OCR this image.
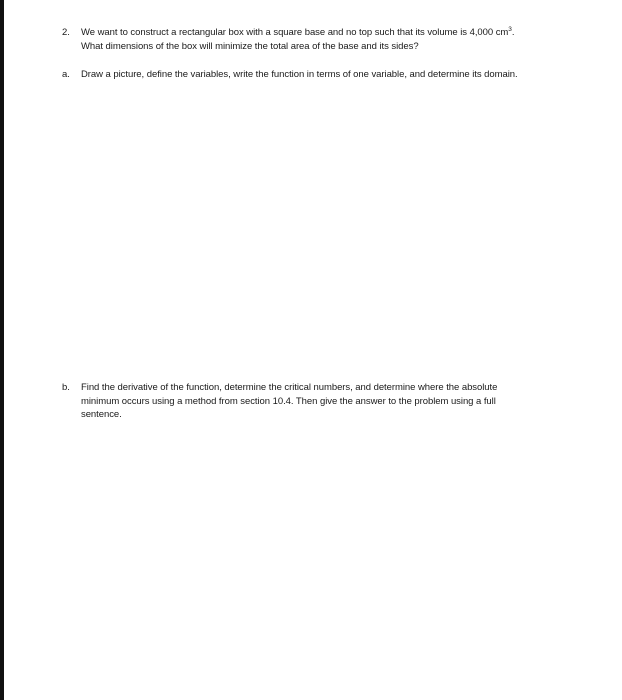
2. We want to construct a rectangular box with a square base and no top such that its volume is 4,000 $cm^3$.
What dimensions of the box will minimize the total area of the base and its sides?
a. Draw a picture, define the variables, write the function in terms of one variable, and determine its domain.
b. Find the derivative of the function, determine the critical numbers, and determine where the absolute
minimum occurs using a method from section 10.4. Then give the answer to the problem using a full
sentence.
